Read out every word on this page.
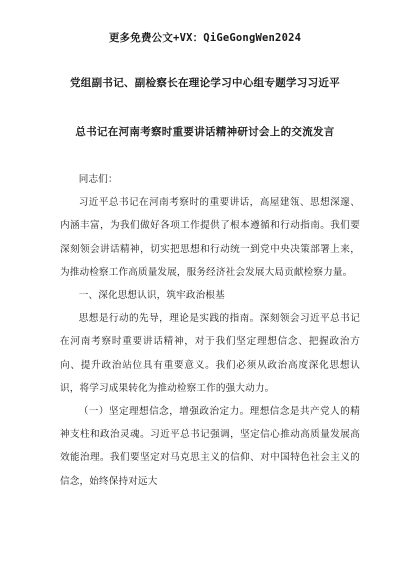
更多免费公文+VX：QiGeGongWen2024
党组副书记、副检察长在理论学习中心组专题学习习近平
总书记在河南考察时重要讲话精神研讨会上的交流发言

同志们：

习近平总书记在河南考察时的重要讲话，高屋建瓴、思想深邃、内涵丰富，为我们做好各项工作提供了根本遵循和行动指南。我们要深刻领会讲话精神，切实把思想和行动统一到党中央决策部署上来，为推动检察工作高质量发展，服务经济社会发展大局贡献检察力量。

一、深化思想认识，筑牢政治根基

思想是行动的先导，理论是实践的指南。深刻领会习近平总书记在河南考察时重要讲话精神，对于我们坚定理想信念、把握政治方向、提升政治站位具有重要意义。我们必须从政治高度深化思想认识，将学习成果转化为推动检察工作的强大动力。

（一）坚定理想信念，增强政治定力。理想信念是共产党人的精神支柱和政治灵魂。习近平总书记强调，坚定信心推动高质量发展高效能治理。我们要坚定对马克思主义的信仰、对中国特色社会主义的信念，始终保持对远大
